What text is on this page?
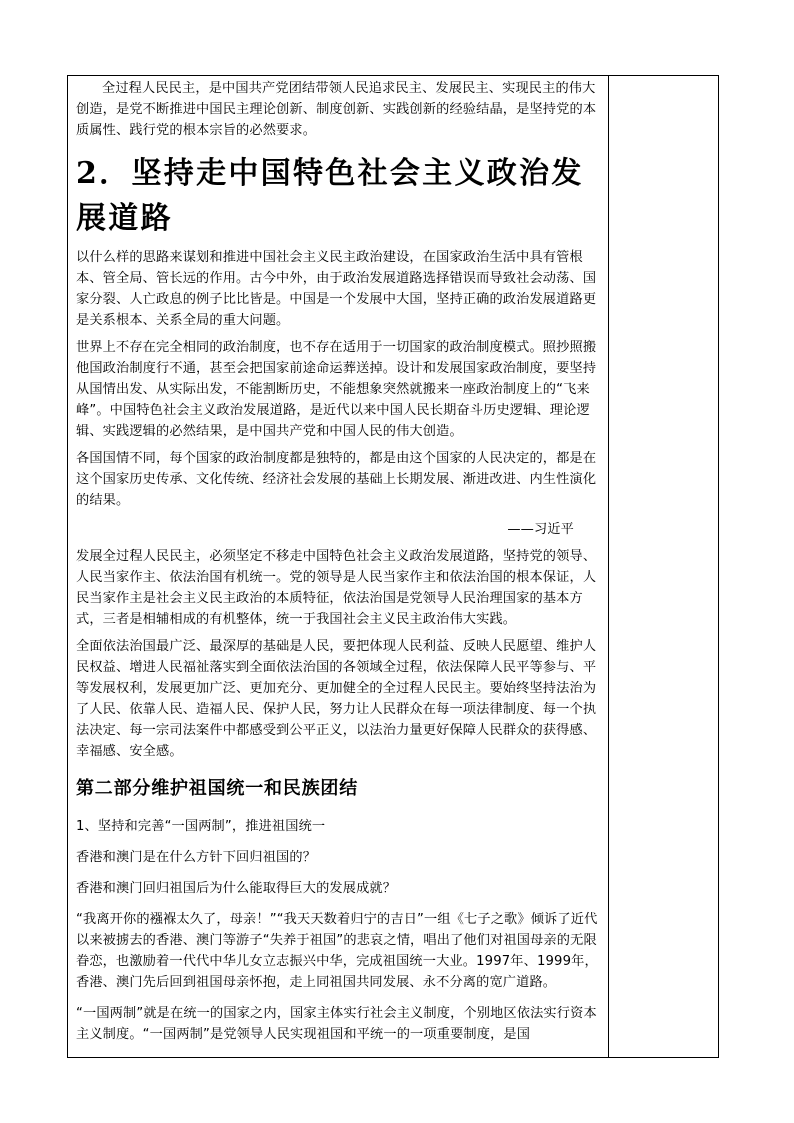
全过程人民民主，是中国共产党团结带领人民追求民主、发展民主、实现民主的伟大创造，是党不断推进中国民主理论创新、制度创新、实践创新的经验结晶，是坚持党的本质属性、践行党的根本宗旨的必然要求。

2．坚持走中国特色社会主义政治发展道路

以什么样的思路来谋划和推进中国社会主义民主政治建设，在国家政治生活中具有管根本、管全局、管长远的作用。古今中外，由于政治发展道路选择错误而导致社会动荡、国家分裂、人亡政息的例子比比皆是。中国是一个发展中大国，坚持正确的政治发展道路更是关系根本、关系全局的重大问题。

世界上不存在完全相同的政治制度，也不存在适用于一切国家的政治制度模式。照抄照搬他国政治制度行不通，甚至会把国家前途命运葬送掉。设计和发展国家政治制度，要坚持从国情出发、从实际出发，不能割断历史，不能想象突然就搬来一座政治制度上的“飞来峰”。中国特色社会主义政治发展道路，是近代以来中国人民长期奋斗历史逻辑、理论逻辑、实践逻辑的必然结果，是中国共产党和中国人民的伟大创造。

各国国情不同，每个国家的政治制度都是独特的，都是由这个国家的人民决定的，都是在这个国家历史传承、文化传统、经济社会发展的基础上长期发展、渐进改进、内生性演化的结果。

——习近平

发展全过程人民民主，必须坚定不移走中国特色社会主义政治发展道路，坚持党的领导、人民当家作主、依法治国有机统一。党的领导是人民当家作主和依法治国的根本保证，人民当家作主是社会主义民主政治的本质特征，依法治国是党领导人民治理国家的基本方式，三者是相辅相成的有机整体，统一于我国社会主义民主政治伟大实践。

全面依法治国最广泛、最深厚的基础是人民，要把体现人民利益、反映人民愿望、维护人民权益、增进人民福祉落实到全面依法治国的各领域全过程，依法保障人民平等参与、平等发展权利，发展更加广泛、更加充分、更加健全的全过程人民民主。要始终坚持法治为了人民、依靠人民、造福人民、保护人民，努力让人民群众在每一项法律制度、每一个执法决定、每一宗司法案件中都感受到公平正义，以法治力量更好保障人民群众的获得感、幸福感、安全感。

第二部分维护祖国统一和民族团结

1、坚持和完善“一国两制”，推进祖国统一

香港和澳门是在什么方针下回归祖国的？

香港和澳门回归祖国后为什么能取得巨大的发展成就？

“我离开你的襁褓太久了，母亲！”“我天天数着归宁的吉日”一组《七子之歌》倾诉了近代以来被掳去的香港、澳门等游子“失养于祖国”的悲哀之情，唱出了他们对祖国母亲的无限眷恋，也激励着一代代中华儿女立志振兴中华，完成祖国统一大业。1997年、1999年，香港、澳门先后回到祖国母亲怀抱，走上同祖国共同发展、永不分离的宽广道路。

“一国两制”就是在统一的国家之内，国家主体实行社会主义制度，个别地区依法实行资本主义制度。“一国两制”是党领导人民实现祖国和平统一的一项重要制度，是国
